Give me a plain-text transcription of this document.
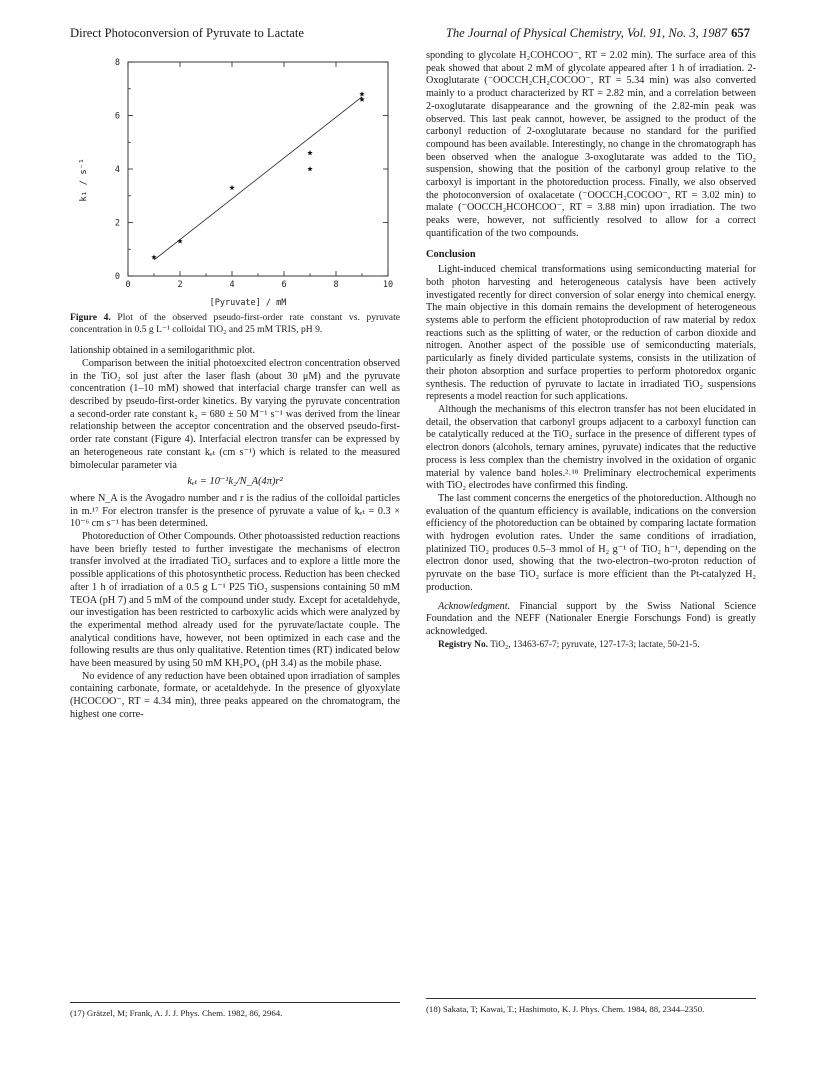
Direct Photoconversion of Pyruvate to Lactate	The Journal of Physical Chemistry, Vol. 91, No. 3, 1987 657
0	2	4	6	8	10
0
2
4
6
8
k₁ / s⁻¹
[Pyruvate] / mM
Figure 4. Plot of the observed pseudo-first-order rate constant vs. pyruvate concentration in 0.5 g L⁻¹ colloidal TiO₂ and 25 mM TRIS, pH 9.

lationship obtained in a semilogarithmic plot.

Comparison between the initial photoexcited electron concentration observed in the TiO₂ sol just after the laser flash (about 30 μM) and the pyruvate concentration (1–10 mM) showed that interfacial charge transfer can well as described by pseudo-first-order kinetics. By varying the pyruvate concentration a second-order rate constant k₂ = 680 ± 50 M⁻¹ s⁻¹ was derived from the linear relationship between the acceptor concentration and the observed pseudo-first-order rate constant (Figure 4). Interfacial electron transfer can be expressed by an heterogeneous rate constant kₑₜ (cm s⁻¹) which is related to the measured bimolecular parameter via

kₑₜ = 10⁻¹k₂/N_A(4π)r²

where N_A is the Avogadro number and r is the radius of the colloidal particles in m.¹⁷ For electron transfer is the presence of pyruvate a value of kₑₜ = 0.3 × 10⁻⁶ cm s⁻¹ has been determined.

Photoreduction of Other Compounds. Other photoassisted reduction reactions have been briefly tested to further investigate the mechanisms of electron transfer involved at the irradiated TiO₂ surfaces and to explore a little more the possible applications of this photosynthetic process. Reduction has been checked after 1 h of irradiation of a 0.5 g L⁻¹ P25 TiO₂ suspensions containing 50 mM TEOA (pH 7) and 5 mM of the compound under study. Except for acetaldehyde, our investigation has been restricted to carboxylic acids which were analyzed by the experimental method already used for the pyruvate/lactate couple. The analytical conditions have, however, not been optimized in each case and the following results are thus only qualitative. Retention times (RT) indicated below have been measured by using 50 mM KH₂PO₄ (pH 3.4) as the mobile phase.

No evidence of any reduction have been obtained upon irradiation of samples containing carbonate, formate, or acetaldehyde. In the presence of glyoxylate (HCOCOO⁻, RT = 4.34 min), three peaks appeared on the chromatogram, the highest one corre-

sponding to glycolate H₂COHCOO⁻, RT = 2.02 min). The surface area of this peak showed that about 2 mM of glycolate appeared after 1 h of irradiation. 2-Oxoglutarate (⁻OOCCH₂CH₂COCOO⁻, RT = 5.34 min) was also converted mainly to a product characterized by RT = 2.82 min, and a correlation between 2-oxoglutarate disappearance and the growning of the 2.82-min peak was observed. This last peak cannot, however, be assigned to the product of the carbonyl reduction of 2-oxoglutarate because no standard for the purified compound has been available. Interestingly, no change in the chromatograph has been observed when the analogue 3-oxoglutarate was added to the TiO₂ suspension, showing that the position of the carbonyl group relative to the carboxyl is important in the photoreduction process. Finally, we also observed the photoconversion of oxalacetate (⁻OOCCH₂COCOO⁻, RT = 3.02 min) to malate (⁻OOCCH₂HCOHCOO⁻, RT = 3.88 min) upon irradiation. The two peaks were, however, not sufficiently resolved to allow for a correct quantification of the two compounds.

Conclusion

Light-induced chemical transformations using semiconducting material for both photon harvesting and heterogeneous catalysis have been actively investigated recently for direct conversion of solar energy into chemical energy. The main objective in this domain remains the development of heterogeneous systems able to perform the efficient photoproduction of raw material by redox reactions such as the splitting of water, or the reduction of carbon dioxide and nitrogen. Another aspect of the possible use of semiconducting materials, particularly as finely divided particulate systems, consists in the utilization of their photon absorption and surface properties to perform photoredox organic synthesis. The reduction of pyruvate to lactate in irradiated TiO₂ suspensions represents a model reaction for such applications.

Although the mechanisms of this electron transfer has not been elucidated in detail, the observation that carbonyl groups adjacent to a carboxyl function can be catalytically reduced at the TiO₂ surface in the presence of different types of electron donors (alcohols, ternary amines, pyruvate) indicates that the reductive process is less complex than the chemistry involved in the oxidation of organic material by valence band holes.²˒¹⁸ Preliminary electrochemical experiments with TiO₂ electrodes have confirmed this finding.

The last comment concerns the energetics of the photoreduction. Although no evaluation of the quantum efficiency is available, indications on the conversion efficiency of the photoreduction can be obtained by comparing lactate formation with hydrogen evolution rates. Under the same conditions of irradiation, platinized TiO₂ produces 0.5–3 mmol of H₂ g⁻¹ of TiO₂ h⁻¹, depending on the electron donor used, showing that the two-electron–two-proton reduction of pyruvate on the base TiO₂ surface is more efficient than the Pt-catalyzed H₂ production.

Acknowledgment. Financial support by the Swiss National Science Foundation and the NEFF (Nationaler Energie Forschungs Fond) is greatly acknowledged.

Registry No. TiO₂, 13463-67-7; pyruvate, 127-17-3; lactate, 50-21-5.

(17) Grätzel, M; Frank, A. J. J. Phys. Chem. 1982, 86, 2964.	(18) Sakata, T; Kawai, T.; Hashimoto, K. J. Phys. Chem. 1984, 88, 2344–2350.
